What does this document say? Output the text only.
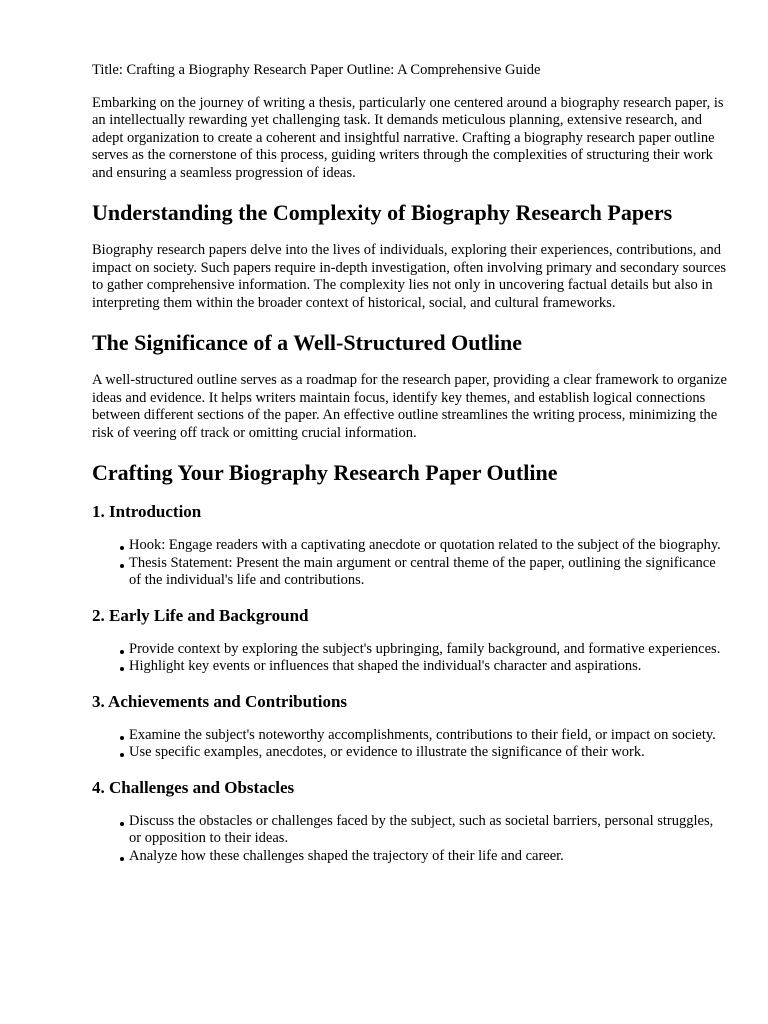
Title: Crafting a Biography Research Paper Outline: A Comprehensive Guide

Embarking on the journey of writing a thesis, particularly one centered around a biography research paper, is an intellectually rewarding yet challenging task. It demands meticulous planning, extensive research, and adept organization to create a coherent and insightful narrative. Crafting a biography research paper outline serves as the cornerstone of this process, guiding writers through the complexities of structuring their work and ensuring a seamless progression of ideas.

Understanding the Complexity of Biography Research Papers

Biography research papers delve into the lives of individuals, exploring their experiences, contributions, and impact on society. Such papers require in-depth investigation, often involving primary and secondary sources to gather comprehensive information. The complexity lies not only in uncovering factual details but also in interpreting them within the broader context of historical, social, and cultural frameworks.

The Significance of a Well-Structured Outline

A well-structured outline serves as a roadmap for the research paper, providing a clear framework to organize ideas and evidence. It helps writers maintain focus, identify key themes, and establish logical connections between different sections of the paper. An effective outline streamlines the writing process, minimizing the risk of veering off track or omitting crucial information.

Crafting Your Biography Research Paper Outline
1. Introduction
Hook: Engage readers with a captivating anecdote or quotation related to the subject of the biography.
Thesis Statement: Present the main argument or central theme of the paper, outlining the significance of the individual's life and contributions.
2. Early Life and Background
Provide context by exploring the subject's upbringing, family background, and formative experiences.
Highlight key events or influences that shaped the individual's character and aspirations.
3. Achievements and Contributions
Examine the subject's noteworthy accomplishments, contributions to their field, or impact on society.
Use specific examples, anecdotes, or evidence to illustrate the significance of their work.
4. Challenges and Obstacles
Discuss the obstacles or challenges faced by the subject, such as societal barriers, personal struggles, or opposition to their ideas.
Analyze how these challenges shaped the trajectory of their life and career.
